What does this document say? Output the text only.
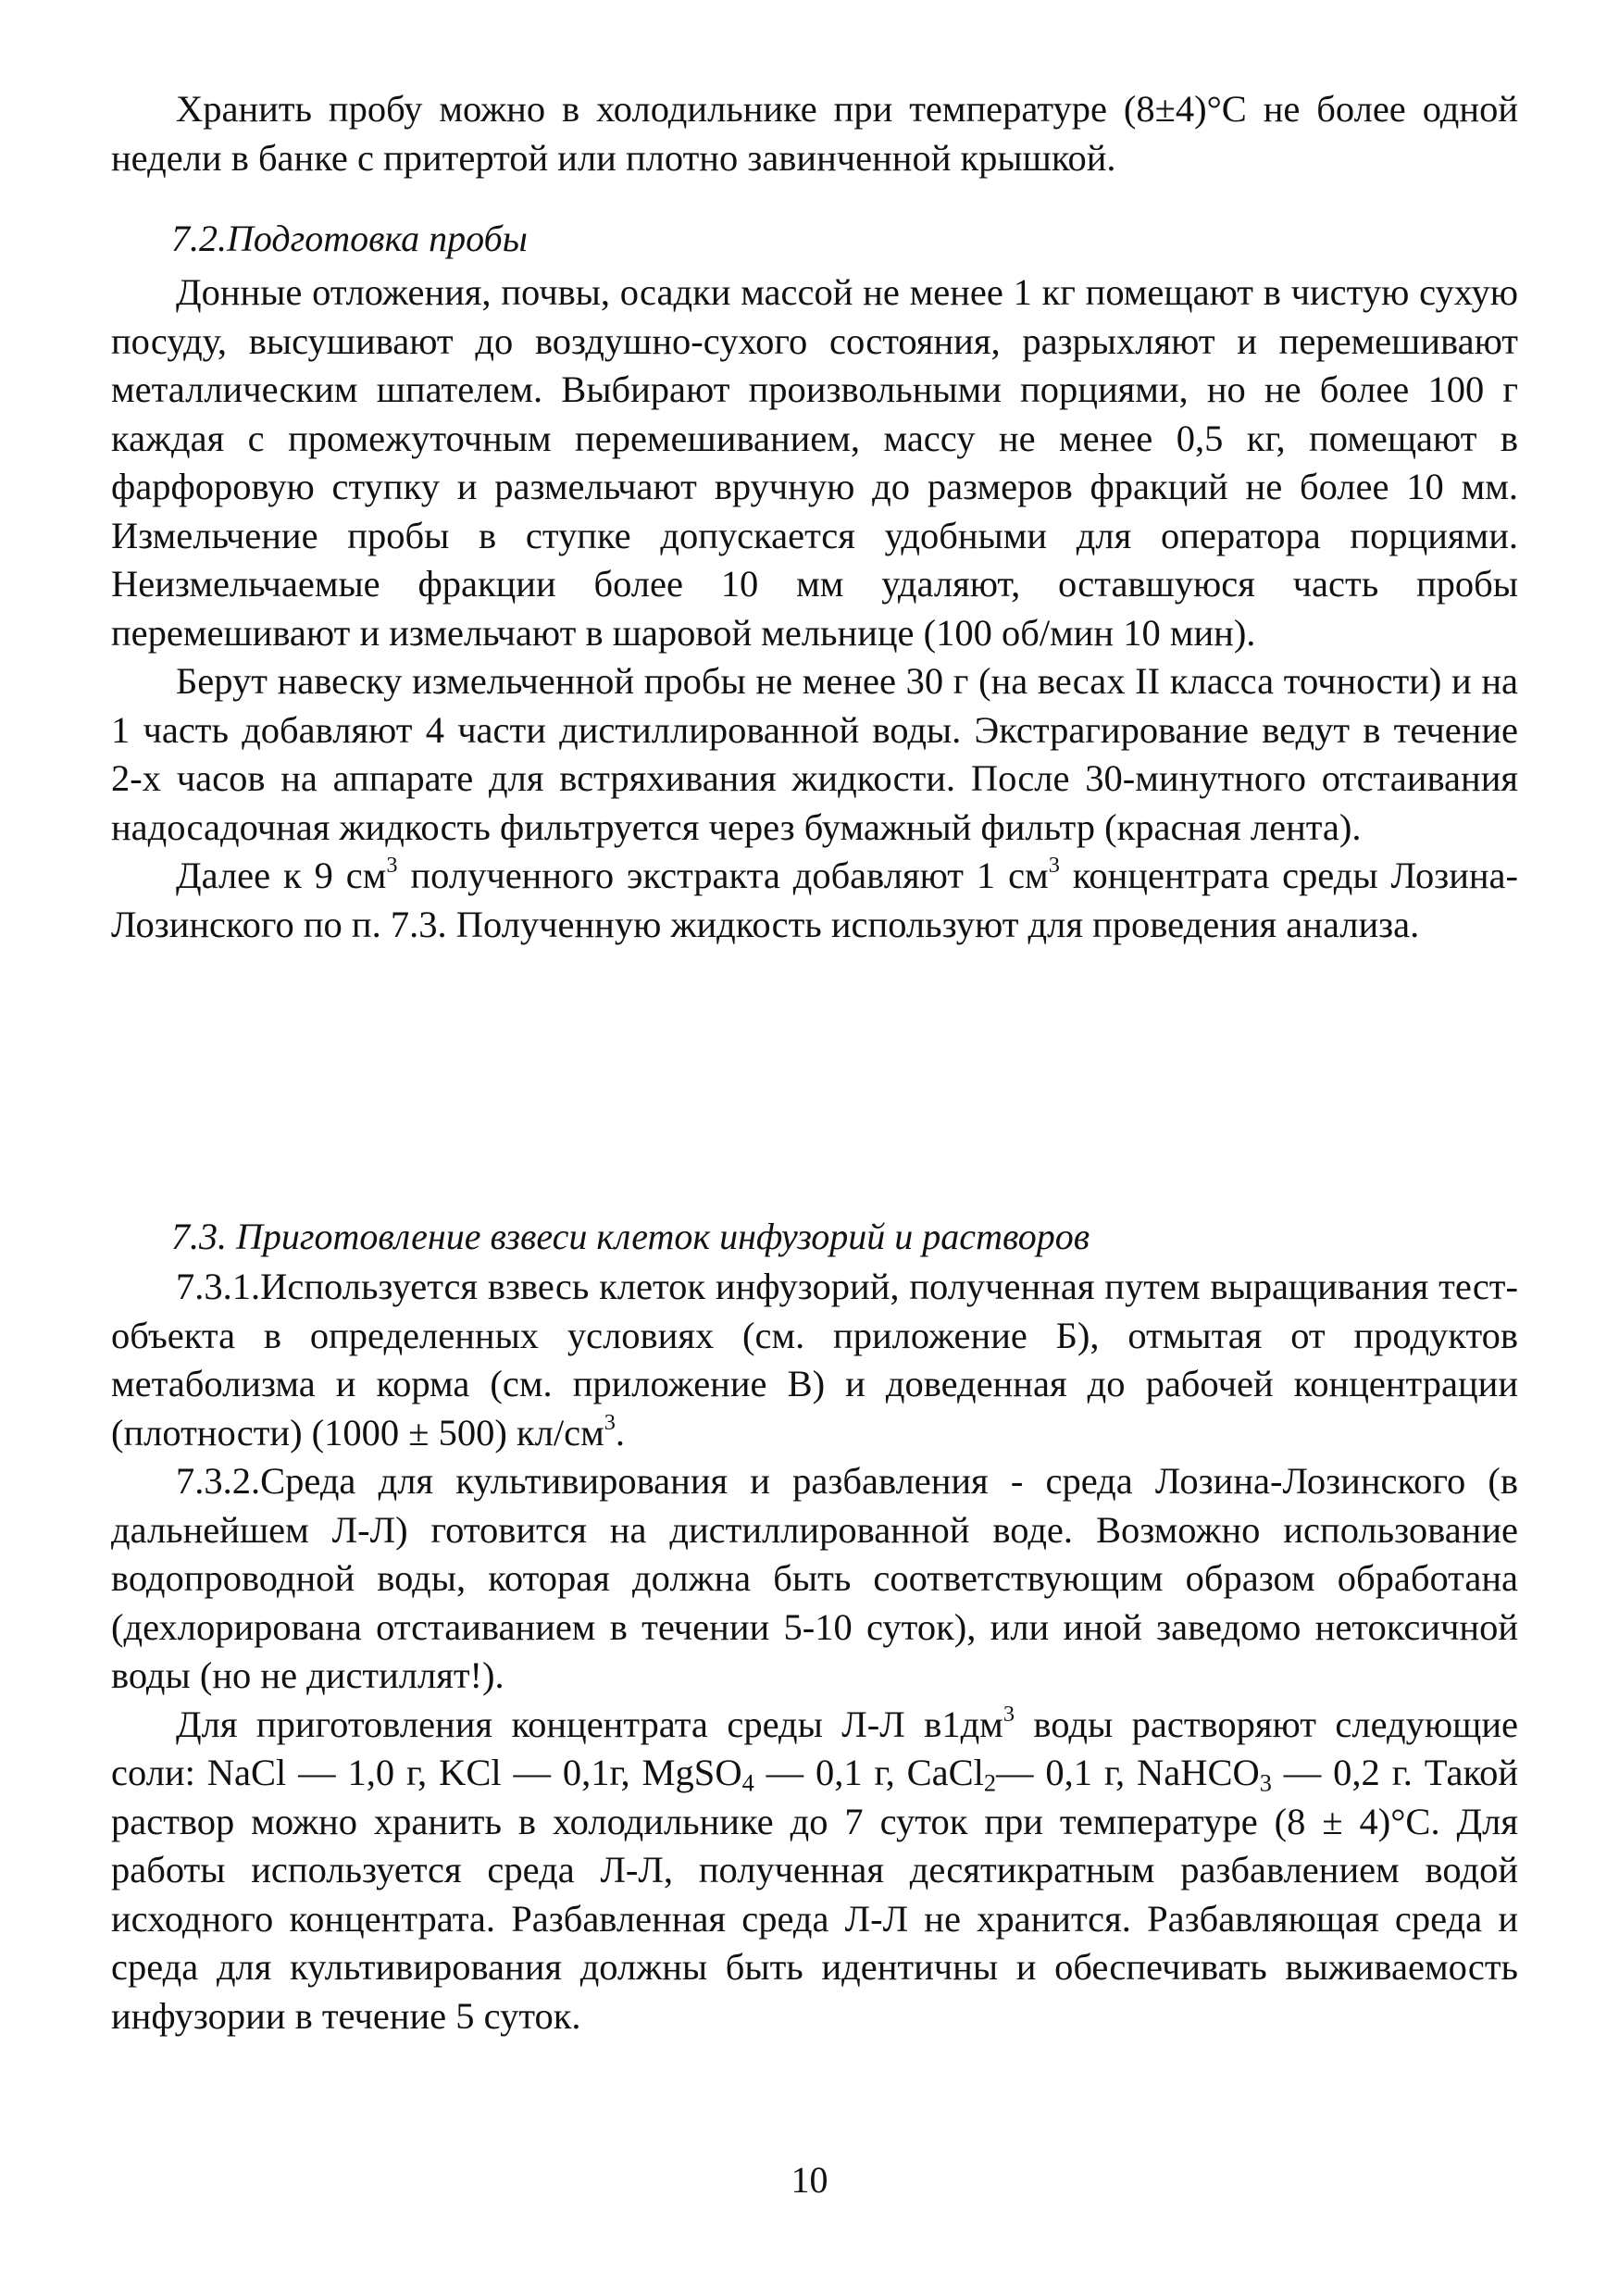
Хранить пробу можно в холодильнике при температуре (8±4)°С не более одной недели в банке с притертой или плотно завинченной крышкой.

7.2.Подготовка пробы

Донные отложения, почвы, осадки массой не менее 1 кг помещают в чистую сухую посуду, высушивают до воздушно-сухого состояния, разрыхляют и перемешивают металлическим шпателем. Выбирают произвольными порциями, но не более 100 г каждая с промежуточным перемешиванием, массу не менее 0,5 кг, помещают в фарфоровую ступку и размельчают вручную до размеров фракций не более 10 мм. Измельчение пробы в ступке допускается удобными для оператора порциями. Неизмельчаемые фракции более 10 мм удаляют, оставшуюся часть пробы перемешивают и измельчают в шаровой мельнице (100 об/мин 10 мин).

Берут навеску измельченной пробы не менее 30 г (на весах II класса точности) и на 1 часть добавляют 4 части дистиллированной воды. Экстрагирование ведут в течение 2-х часов на аппарате для встряхивания жидкости. После 30-минутного отстаивания надосадочная жидкость фильтруется через бумажный фильтр (красная лента).

Далее к 9 $см^3$ полученного экстракта добавляют 1 $см^3$ концентрата среды Лозина-Лозинского по п. 7.3. Полученную жидкость используют для проведения анализа.

7.3. Приготовление взвеси клеток инфузорий и растворов

7.3.1.Используется взвесь клеток инфузорий, полученная путем выращивания тест-объекта в определенных условиях (см. приложение Б), отмытая от продуктов метаболизма и корма (см. приложение В) и доведенная до рабочей концентрации (плотности) (1000 ± 500) $кл/см^3$.

7.3.2.Среда для культивирования и разбавления - среда Лозина-Лозинского (в дальнейшем Л-Л) готовится на дистиллированной воде. Возможно использование водопроводной воды, которая должна быть соответствующим образом обработана (дехлорирована отстаиванием в течении 5-10 суток), или иной заведомо нетоксичной воды (но не дистиллят!).

Для приготовления концентрата среды Л-Л $в1дм^3$ воды растворяют следующие соли: NaCl — 1,0 г, KCl — 0,1г, MgSO$_4$ — 0,1 г, CaCl$_2$— 0,1 г, NaHCO$_3$ — 0,2 г. Такой раствор можно хранить в холодильнике до 7 суток при температуре (8 ± 4)°С. Для работы используется среда Л-Л, полученная десятикратным разбавлением водой исходного концентрата. Разбавленная среда Л-Л не хранится. Разбавляющая среда и среда для культивирования должны быть идентичны и обеспечивать выживаемость инфузории в течение 5 суток.

10
